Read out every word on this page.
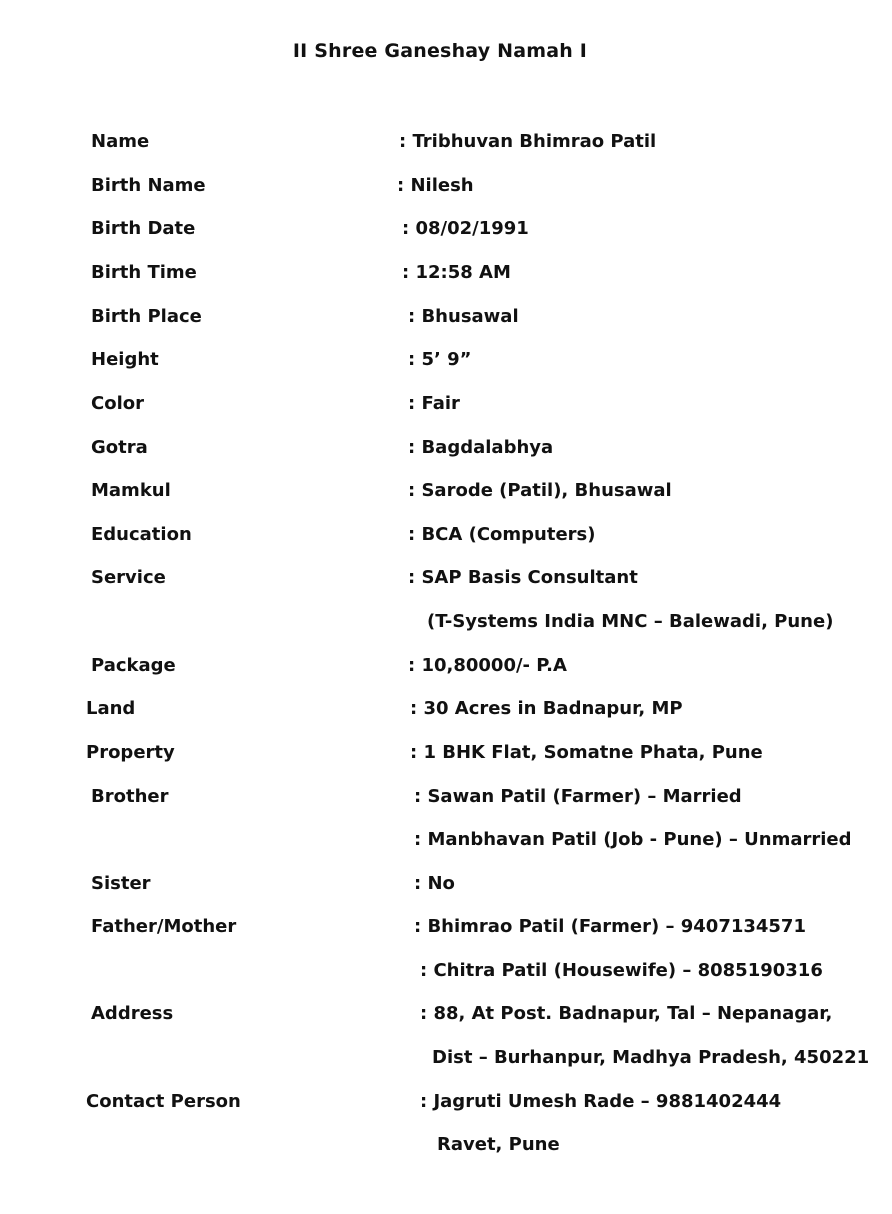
II Shree Ganeshay Namah I
Name	: Tribhuvan Bhimrao Patil
Birth Name	: Nilesh
Birth Date	: 08/02/1991
Birth Time	: 12:58 AM
Birth Place	: Bhusawal
Height	: 5’ 9”
Color	: Fair
Gotra	: Bagdalabhya
Mamkul	: Sarode (Patil), Bhusawal
Education	: BCA (Computers)
Service	: SAP Basis Consultant
(T-Systems India MNC – Balewadi, Pune)
Package	: 10,80000/- P.A
Land	: 30 Acres in Badnapur, MP
Property	: 1 BHK Flat, Somatne Phata, Pune
Brother	: Sawan Patil (Farmer) – Married
: Manbhavan Patil (Job - Pune) – Unmarried
Sister	: No
Father/Mother	: Bhimrao Patil (Farmer) – 9407134571
: Chitra Patil (Housewife) – 8085190316
Address	: 88, At Post. Badnapur, Tal – Nepanagar,
Dist – Burhanpur, Madhya Pradesh, 450221
Contact Person	: Jagruti Umesh Rade – 9881402444
Ravet, Pune
